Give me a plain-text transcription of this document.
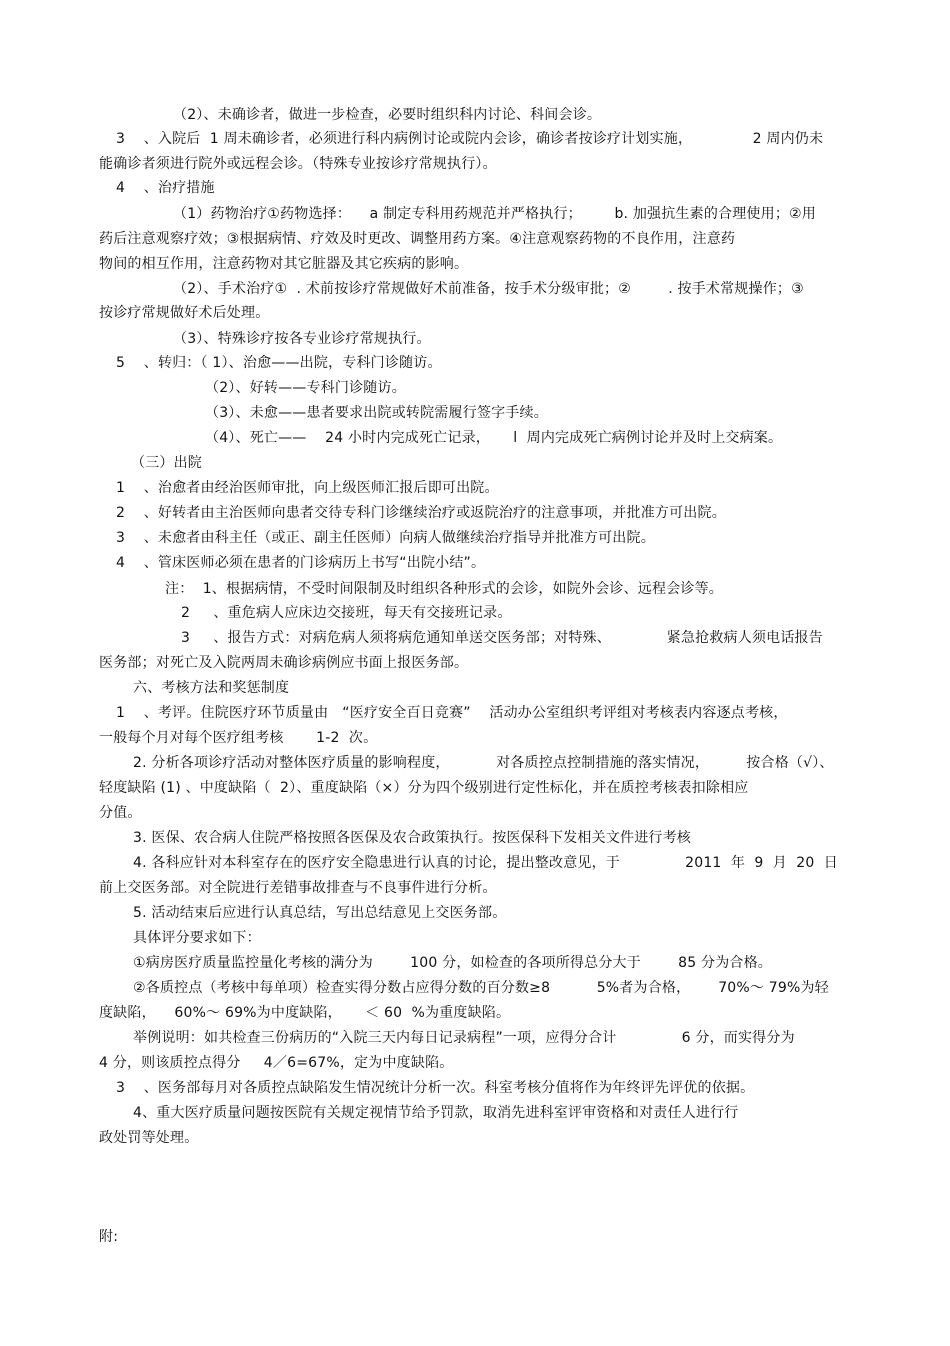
（2）、未确诊者，做进一步检查，必要时组织科内讨论、科间会诊。
3    、入院后  1 周未确诊者，必须进行科内病例讨论或院内会诊，确诊者按诊疗计划实施，             2 周内仍未
能确诊者须进行院外或远程会诊。（特殊专业按诊疗常规执行）。
4    、治疗措施
（1）药物治疗①药物选择：    a 制定专科用药规范并严格执行；       b. 加强抗生素的合理使用；②用
药后注意观察疗效；③根据病情、疗效及时更改、调整用药方案。④注意观察药物的不良作用，注意药
物间的相互作用，注意药物对其它脏器及其它疾病的影响。
（2）、手术治疗①  . 术前按诊疗常规做好术前准备，按手术分级审批；②        . 按手术常规操作；③
按诊疗常规做好术后处理。
（3）、特殊诊疗按各专业诊疗常规执行。
5    、转归：（ 1）、治愈——出院，专科门诊随访。
（2）、好转——专科门诊随访。
（3）、未愈——患者要求出院或转院需履行签字手续。
（4）、死亡——    24 小时内完成死亡记录，     l  周内完成死亡病例讨论并及时上交病案。
（三）出院
1    、治愈者由经治医师审批，向上级医师汇报后即可出院。
2    、好转者由主治医师向患者交待专科门诊继续治疗或返院治疗的注意事项，并批准方可出院。
3    、未愈者由科主任（或正、副主任医师）向病人做继续治疗指导并批准方可出院。
4    、管床医师必须在患者的门诊病历上书写“出院小结”。
注：  1、根据病情，不受时间限制及时组织各种形式的会诊，如院外会诊、远程会诊等。
2     、重危病人应床边交接班，每天有交接班记录。
3     、报告方式：对病危病人须将病危通知单送交医务部；对特殊、            紧急抢救病人须电话报告
医务部；对死亡及入院两周未确诊病例应书面上报医务部。
六、考核方法和奖惩制度
1    、考评。住院医疗环节质量由   “医疗安全百日竞赛”    活动办公室组织考评组对考核表内容逐点考核，
一般每个月对每个医疗组考核       1-2  次。
2. 分析各项诊疗活动对整体医疗质量的影响程度，          对各质控点控制措施的落实情况，        按合格（√）、
轻度缺陷 (1) 、中度缺陷（  2）、重度缺陷（×）分为四个级别进行定性标化，并在质控考核表扣除相应
分值。
3. 医保、农合病人住院严格按照各医保及农合政策执行。按医保科下发相关文件进行考核
4. 各科应针对本科室存在的医疗安全隐患进行认真的讨论，提出整改意见，于              2011  年  9  月  20  日
前上交医务部。对全院进行差错事故排查与不良事件进行分析。
5. 活动结束后应进行认真总结，写出总结意见上交医务部。
具体评分要求如下：
①病房医疗质量监控量化考核的满分为        100 分，如检查的各项所得总分大于        85 分为合格。
②各质控点（考核中每单项）检查实得分数占应得分数的百分数≥8          5%者为合格，      70%～ 79%为轻
度缺陷，    60%～ 69%为中度缺陷，     ＜ 60  %为重度缺陷。
举例说明：如共检查三份病历的“入院三天内每日记录病程”一项，应得分合计              6 分，而实得分为
4 分，则该质控点得分     4／6=67%，定为中度缺陷。
3    、医务部每月对各质控点缺陷发生情况统计分析一次。科室考核分值将作为年终评先评优的依据。
4、重大医疗质量问题按医院有关规定视情节给予罚款，取消先进科室评审资格和对责任人进行行
政处罚等处理。
附:
